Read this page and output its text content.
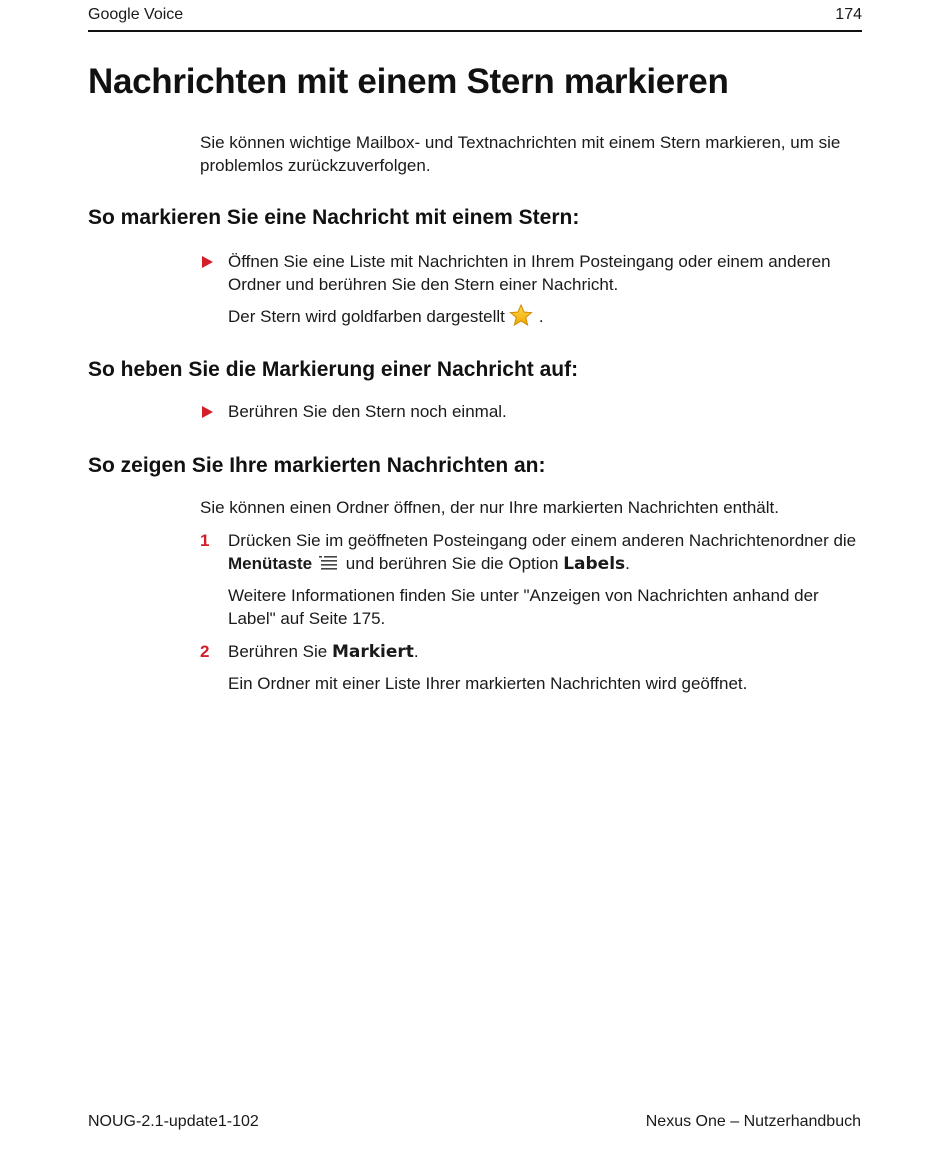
Google Voice	174
Nachrichten mit einem Stern markieren
Sie können wichtige Mailbox- und Textnachrichten mit einem Stern markieren, um sie problemlos zurückzuverfolgen.
So markieren Sie eine Nachricht mit einem Stern:
Öffnen Sie eine Liste mit Nachrichten in Ihrem Posteingang oder einem anderen Ordner und berühren Sie den Stern einer Nachricht.
Der Stern wird goldfarben dargestellt .
So heben Sie die Markierung einer Nachricht auf:
Berühren Sie den Stern noch einmal.
So zeigen Sie Ihre markierten Nachrichten an:
Sie können einen Ordner öffnen, der nur Ihre markierten Nachrichten enthält.
1 Drücken Sie im geöffneten Posteingang oder einem anderen Nachrichtenordner die Menütaste und berühren Sie die Option Labels.
Weitere Informationen finden Sie unter "Anzeigen von Nachrichten anhand der Label" auf Seite 175.
2 Berühren Sie Markiert.
Ein Ordner mit einer Liste Ihrer markierten Nachrichten wird geöffnet.
NOUG-2.1-update1-102	Nexus One – Nutzerhandbuch
